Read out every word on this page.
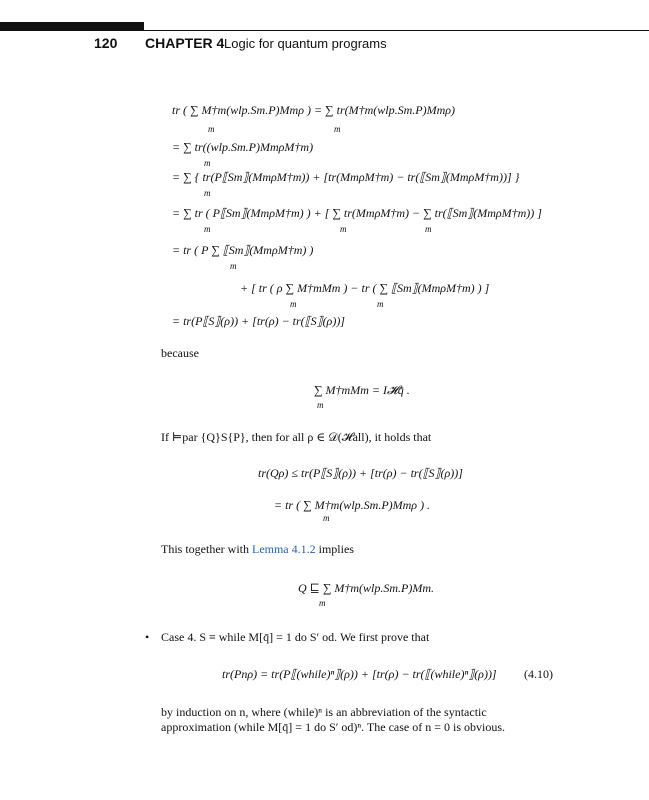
120 CHAPTER 4 Logic for quantum programs
tr ( ∑ M†m(wlp.Sm.P)Mmρ ) = ∑ tr(M†m(wlp.Sm.P)Mmρ)
m	m
= ∑ tr((wlp.Sm.P)MmρM†m)
m
= ∑ { tr(P⟦Sm⟧(MmρM†m)) + [tr(MmρM†m) − tr(⟦Sm⟧(MmρM†m))] }
m
= ∑ tr ( P⟦Sm⟧(MmρM†m) ) + [ ∑ tr(MmρM†m) − ∑ tr(⟦Sm⟧(MmρM†m)) ]
m	m	m
= tr ( P ∑ ⟦Sm⟧(MmρM†m) )
m
+ [ tr ( ρ ∑ M†mMm ) − tr ( ∑ ⟦Sm⟧(MmρM†m) ) ]
m	m
= tr(P⟦S⟧(ρ)) + [tr(ρ) − tr(⟦S⟧(ρ))]
because
∑ M†mMm = I𝓗q̄ .
m
If ⊨par {Q}S{P}, then for all ρ ∈ 𝒟(𝓗all), it holds that
tr(Qρ) ≤ tr(P⟦S⟧(ρ)) + [tr(ρ) − tr(⟦S⟧(ρ))]
= tr ( ∑ M†m(wlp.Sm.P)Mmρ ) .
m
This together with Lemma 4.1.2 implies
Q ⊑ ∑ M†m(wlp.Sm.P)Mm.
m
• Case 4. S ≡ while M[q̄] = 1 do S′ od. We first prove that
tr(Pnρ) = tr(P⟦(while)ⁿ⟧(ρ)) + [tr(ρ) − tr(⟦(while)ⁿ⟧(ρ))] (4.10)
by induction on n, where (while)ⁿ is an abbreviation of the syntactic
approximation (while M[q̄] = 1 do S′ od)ⁿ. The case of n = 0 is obvious.
